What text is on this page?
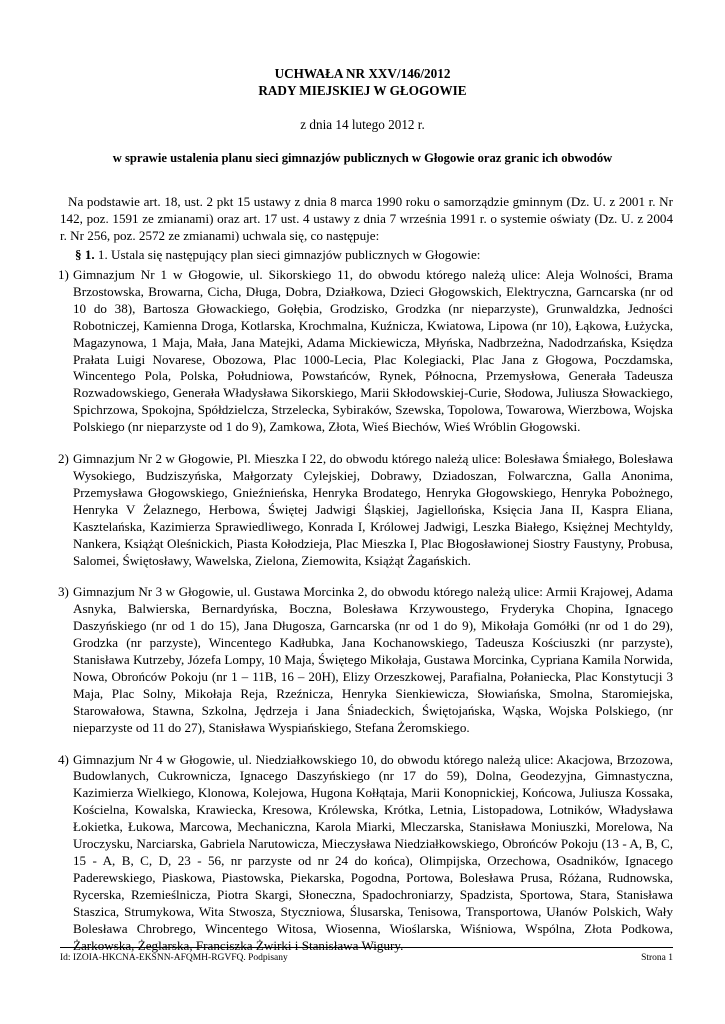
UCHWAŁA NR XXV/146/2012
RADY MIEJSKIEJ W GŁOGOWIE
z dnia 14 lutego 2012 r.
w sprawie ustalenia planu sieci gimnazjów publicznych w Głogowie oraz granic ich obwodów
Na podstawie art. 18, ust. 2 pkt 15 ustawy z dnia 8 marca 1990 roku o samorządzie gminnym (Dz. U. z 2001 r. Nr 142, poz. 1591 ze zmianami) oraz art. 17 ust. 4 ustawy z dnia 7 września 1991 r. o systemie oświaty (Dz. U. z 2004 r. Nr 256, poz. 2572 ze zmianami) uchwala się, co następuje:
§ 1. 1. Ustala się następujący plan sieci gimnazjów publicznych w Głogowie:
1) Gimnazjum Nr 1 w Głogowie, ul. Sikorskiego 11, do obwodu którego należą ulice: Aleja Wolności, Brama Brzostowska, Browarna, Cicha, Długa, Dobra, Działkowa, Dzieci Głogowskich, Elektryczna, Garncarska (nr od 10 do 38), Bartosza Głowackiego, Gołębia, Grodzisko, Grodzka (nr nieparzyste), Grunwaldzka, Jedności Robotniczej, Kamienna Droga, Kotlarska, Krochmalna, Kuźnicza, Kwiatowa, Lipowa (nr 10), Łąkowa, Łużycka, Magazynowa, 1 Maja, Mała, Jana Matejki, Adama Mickiewicza, Młyńska, Nadbrzeżna, Nadodrzańska, Księdza Prałata Luigi Novarese, Obozowa, Plac 1000-Lecia, Plac Kolegiacki, Plac Jana z Głogowa, Poczdamska, Wincentego Pola, Polska, Południowa, Powstańców, Rynek, Północna, Przemysłowa, Generała Tadeusza Rozwadowskiego, Generała Władysława Sikorskiego, Marii Skłodowskiej-Curie, Słodowa, Juliusza Słowackiego, Spichrzowa, Spokojna, Spółdzielcza, Strzelecka, Sybiraków, Szewska, Topolowa, Towarowa, Wierzbowa, Wojska Polskiego (nr nieparzyste od 1 do 9), Zamkowa, Złota, Wieś Biechów, Wieś Wróblin Głogowski.
2) Gimnazjum Nr 2 w Głogowie, Pl. Mieszka I 22, do obwodu którego należą ulice: Bolesława Śmiałego, Bolesława Wysokiego, Budziszyńska, Małgorzaty Cylejskiej, Dobrawy, Dziadoszan, Folwarczna, Galla Anonima, Przemysława Głogowskiego, Gnieźnieńska, Henryka Brodatego, Henryka Głogowskiego, Henryka Pobożnego, Henryka V Żelaznego, Herbowa, Świętej Jadwigi Śląskiej, Jagiellońska, Księcia Jana II, Kaspra Eliana, Kasztelańska, Kazimierza Sprawiedliwego, Konrada I, Królowej Jadwigi, Leszka Białego, Księżnej Mechtyldy, Nankera, Książąt Oleśnickich, Piasta Kołodzieja, Plac Mieszka I, Plac Błogosławionej Siostry Faustyny, Probusa, Salomei, Świętosławy, Wawelska, Zielona, Ziemowita, Książąt Żagańskich.
3) Gimnazjum Nr 3 w Głogowie, ul. Gustawa Morcinka 2, do obwodu którego należą ulice: Armii Krajowej, Adama Asnyka, Balwierska, Bernardyńska, Boczna, Bolesława Krzywoustego, Fryderyka Chopina, Ignacego Daszyńskiego (nr od 1 do 15), Jana Długosza, Garncarska (nr od 1 do 9), Mikołaja Gomółki (nr od 1 do 29), Grodzka (nr parzyste), Wincentego Kadłubka, Jana Kochanowskiego, Tadeusza Kościuszki (nr parzyste), Stanisława Kutrzeby, Józefa Lompy, 10 Maja, Świętego Mikołaja, Gustawa Morcinka, Cypriana Kamila Norwida, Nowa, Obrońców Pokoju (nr 1 – 11B, 16 – 20H), Elizy Orzeszkowej, Parafialna, Połaniecka, Plac Konstytucji 3 Maja, Plac Solny, Mikołaja Reja, Rzeźnicza, Henryka Sienkiewicza, Słowiańska, Smolna, Staromiejska, Starowałowa, Stawna, Szkolna, Jędrzeja i Jana Śniadeckich, Świętojańska, Wąska, Wojska Polskiego, (nr nieparzyste od 11 do 27), Stanisława Wyspiańskiego, Stefana Żeromskiego.
4) Gimnazjum Nr 4 w Głogowie, ul. Niedziałkowskiego 10, do obwodu którego należą ulice: Akacjowa, Brzozowa, Budowlanych, Cukrownicza, Ignacego Daszyńskiego (nr 17 do 59), Dolna, Geodezyjna, Gimnastyczna, Kazimierza Wielkiego, Klonowa, Kolejowa, Hugona Kołłątaja, Marii Konopnickiej, Końcowa, Juliusza Kossaka, Kościelna, Kowalska, Krawiecka, Kresowa, Królewska, Krótka, Letnia, Listopadowa, Lotników, Władysława Łokietka, Łukowa, Marcowa, Mechaniczna, Karola Miarki, Mleczarska, Stanisława Moniuszki, Morelowa, Na Uroczysku, Narciarska, Gabriela Narutowicza, Mieczysława Niedziałkowskiego, Obrońców Pokoju (13 - A, B, C, 15 - A, B, C, D, 23 - 56, nr parzyste od nr 24 do końca), Olimpijska, Orzechowa, Osadników, Ignacego Paderewskiego, Piaskowa, Piastowska, Piekarska, Pogodna, Portowa, Bolesława Prusa, Różana, Rudnowska, Rycerska, Rzemieślnicza, Piotra Skargi, Słoneczna, Spadochroniarzy, Spadzista, Sportowa, Stara, Stanisława Staszica, Strumykowa, Wita Stwosza, Styczniowa, Ślusarska, Tenisowa, Transportowa, Ułanów Polskich, Wały Bolesława Chrobrego, Wincentego Witosa, Wiosenna, Wioślarska, Wiśniowa, Wspólna, Złota Podkowa, Żarkowska, Żeglarska, Franciszka Żwirki i Stanisława Wigury.
Id: IZOIA-HKCNA-EKSNN-AFQMH-RGVFQ. Podpisany	Strona 1
